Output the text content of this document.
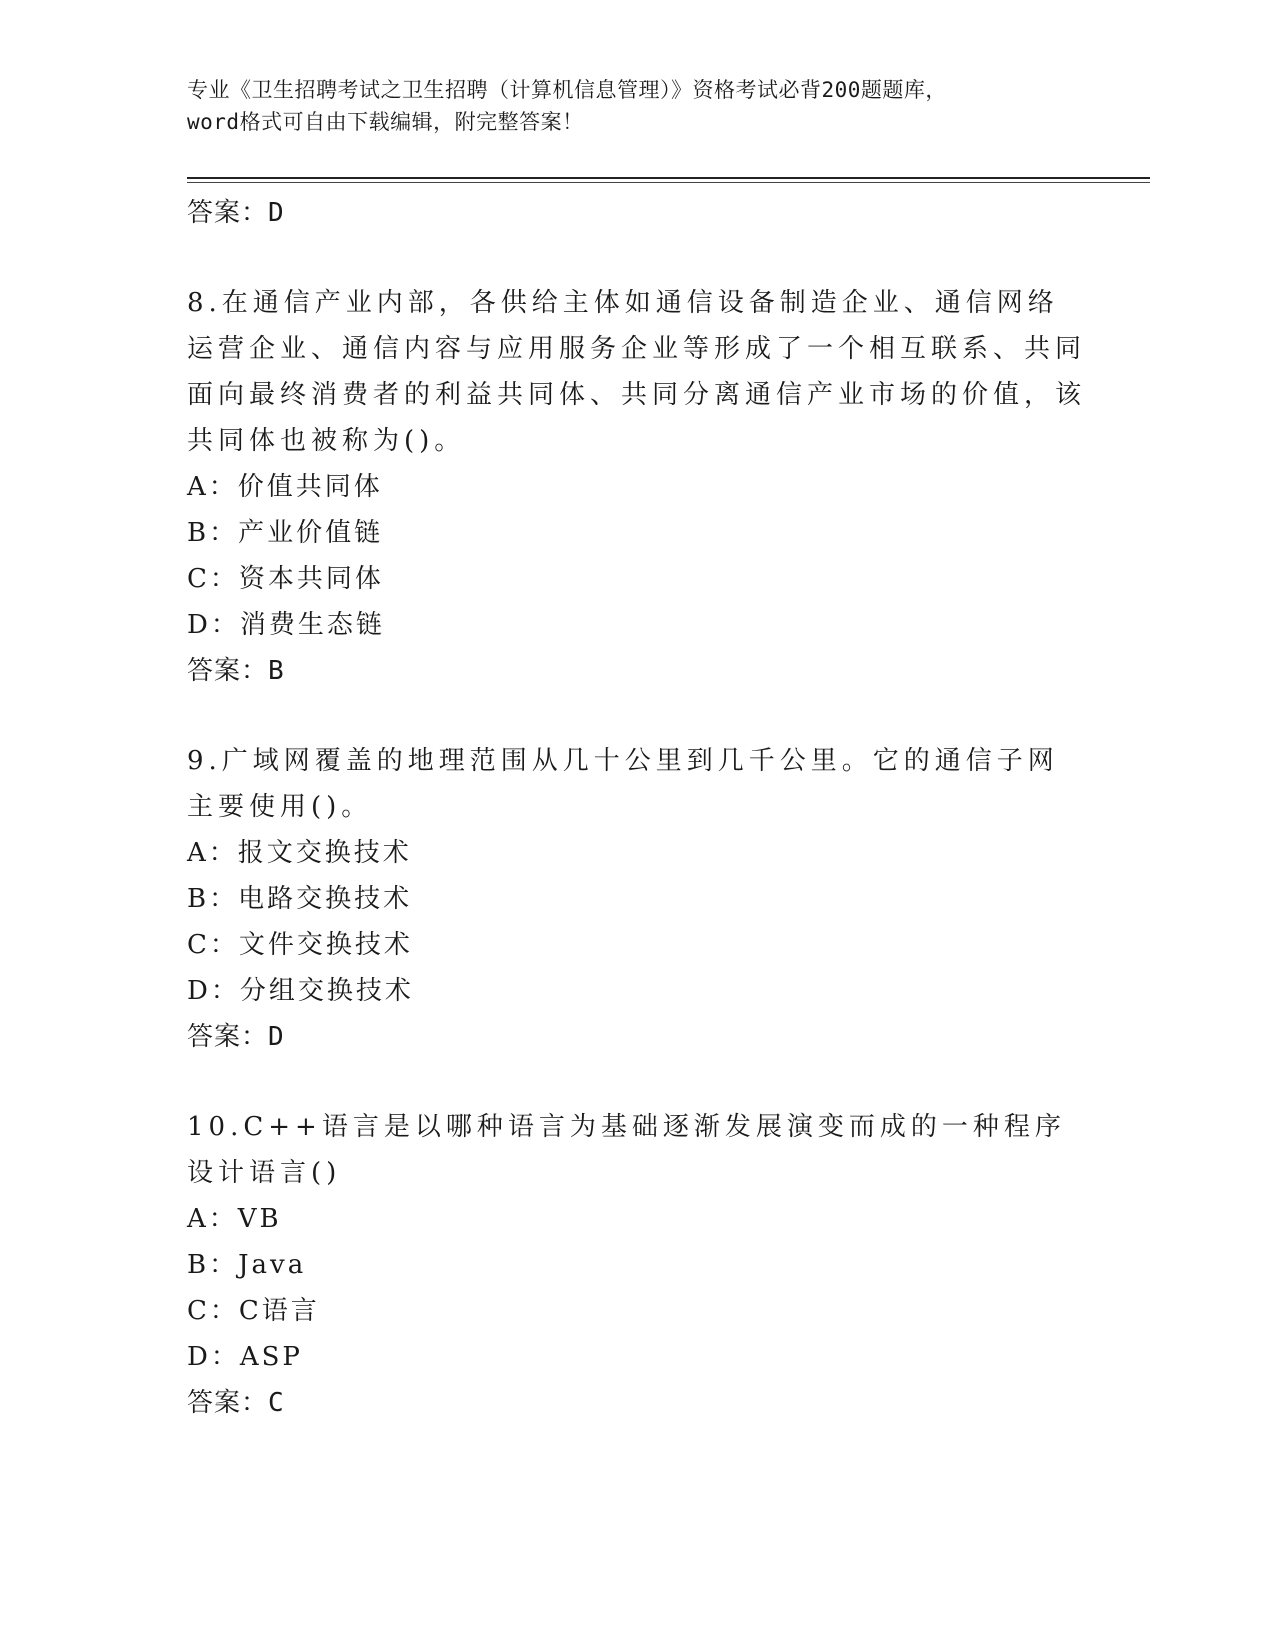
专业《卫生招聘考试之卫生招聘（计算机信息管理）》资格考试必背200题题库，
word格式可自由下载编辑，附完整答案！
答案：D
8.在通信产业内部，各供给主体如通信设备制造企业、通信网络运营企业、通信内容与应用服务企业等形成了一个相互联系、共同面向最终消费者的利益共同体、共同分离通信产业市场的价值，该共同体也被称为()。
A：价值共同体
B：产业价值链
C：资本共同体
D：消费生态链
答案：B
9.广域网覆盖的地理范围从几十公里到几千公里。它的通信子网主要使用()。
A：报文交换技术
B：电路交换技术
C：文件交换技术
D：分组交换技术
答案：D
10.C++语言是以哪种语言为基础逐渐发展演变而成的一种程序设计语言()
A：VB
B：Java
C：C语言
D：ASP
答案：C
